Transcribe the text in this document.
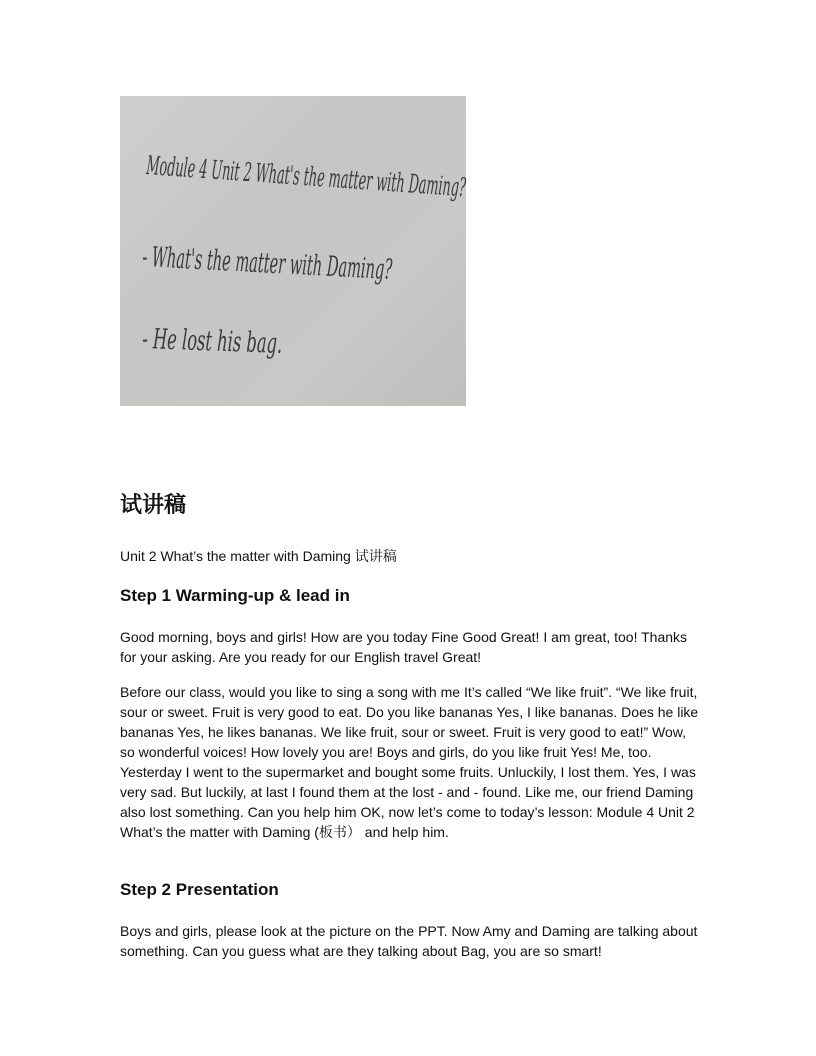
Module 4 Unit 2 What's the matter with Daming?
- What's the matter with Daming?
- He lost his bag.
试讲稿

Unit 2 What’s the matter with Daming 试讲稿

Step 1 Warming-up & lead in

Good morning, boys and girls! How are you today Fine Good Great! I am great, too! Thanks for your asking. Are you ready for our English travel Great!

Before our class, would you like to sing a song with me It’s called “We like fruit”. “We like fruit, sour or sweet. Fruit is very good to eat. Do you like bananas Yes, I like bananas. Does he like bananas Yes, he likes bananas. We like fruit, sour or sweet. Fruit is very good to eat!” Wow, so wonderful voices! How lovely you are! Boys and girls, do you like fruit Yes! Me, too. Yesterday I went to the supermarket and bought some fruits. Unluckily, I lost them. Yes, I was very sad. But luckily, at last I found them at the lost - and - found. Like me, our friend Daming also lost something. Can you help him OK, now let’s come to today’s lesson: Module 4 Unit 2 What’s the matter with Daming (板书） and help him.

Step 2 Presentation

Boys and girls, please look at the picture on the PPT. Now Amy and Daming are talking about something. Can you guess what are they talking about Bag, you are so smart!
